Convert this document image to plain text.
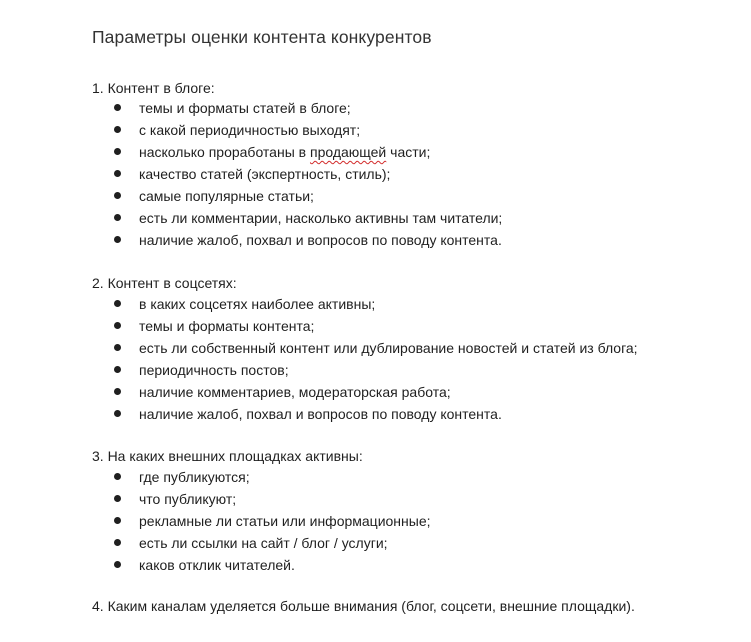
Параметры оценки контента конкурентов
1. Контент в блоге:
темы и форматы статей в блоге;
с какой периодичностью выходят;
насколько проработаны в продающей части;
качество статей (экспертность, стиль);
самые популярные статьи;
есть ли комментарии, насколько активны там читатели;
наличие жалоб, похвал и вопросов по поводу контента.
2. Контент в соцсетях:
в каких соцсетях наиболее активны;
темы и форматы контента;
есть ли собственный контент или дублирование новостей и статей из блога;
периодичность постов;
наличие комментариев, модераторская работа;
наличие жалоб, похвал и вопросов по поводу контента.
3. На каких внешних площадках активны:
где публикуются;
что публикуют;
рекламные ли статьи или информационные;
есть ли ссылки на сайт / блог / услуги;
каков отклик читателей.
4. Каким каналам уделяется больше внимания (блог, соцсети, внешние площадки).
